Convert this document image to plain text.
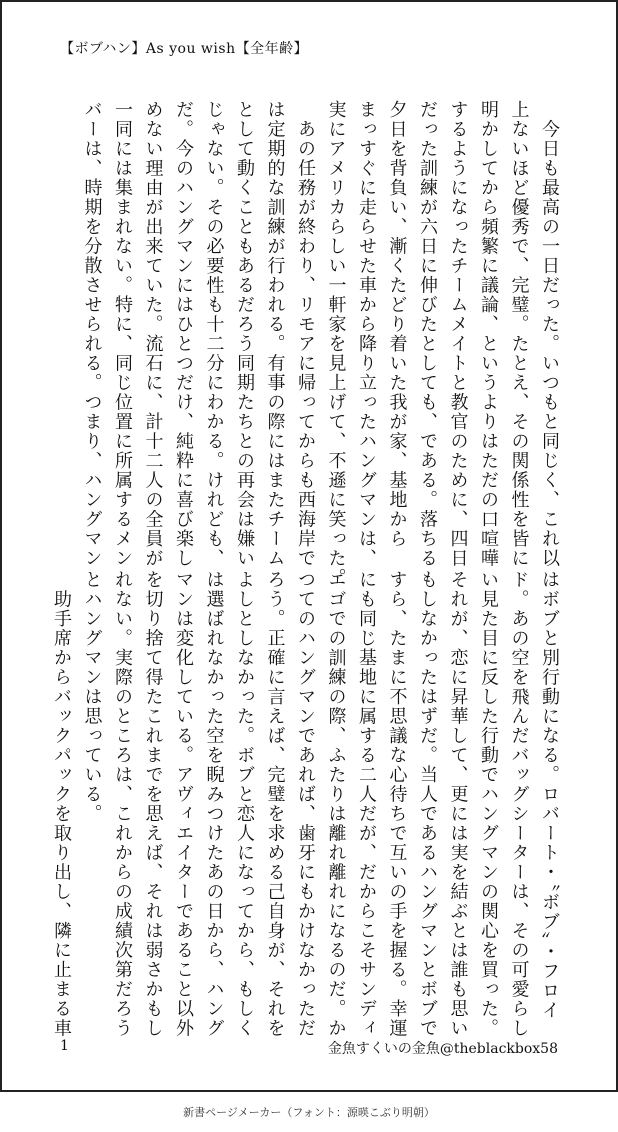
【ボブハン】As you wish【全年齢】
　今日も最高の一日だった。いつもと同じく、これ以
上ないほど優秀で、完璧。たとえ、その関係性を皆に
明かしてから頻繁に議論、というよりはただの口喧嘩
するようになったチームメイトと教官のために、四日
だった訓練が六日に伸びたとしても、である。落ちる
夕日を背負い、漸くたどり着いた我が家、基地から
まっすぐに走らせた車から降り立ったハングマンは、
実にアメリカらしい一軒家を見上げて、不遜に笑った。
　あの任務が終わり、リモアに帰ってからも西海岸で
は定期的な訓練が行われる。有事の際にはまたチーム
として動くこともあるだろう同期たちとの再会は嫌い
じゃない。その必要性も十二分にわかる。けれども、
だ。今のハングマンにはひとつだけ、純粋に喜び楽し
めない理由が出来ていた。流石に、計十二人の全員が
一同には集まれない。特に、同じ位置に所属するメン
バーは、時期を分散させられる。つまり、ハングマン
はボブと別行動になる。ロバート・〝ボブ〟・フロイ
ド。あの空を飛んだバッグシーターは、その可愛らし
い見た目に反した行動でハングマンの関心を買った。
それが、恋に昇華して、更には実を結ぶとは誰も思い
もしなかったはずだ。当人であるハングマンとボブで
すら、たまに不思議な心待ちで互いの手を握る。幸運
にも同じ基地に属する二人だが、だからこそサンディ
エゴでの訓練の際、ふたりは離れ離れになるのだ。か
つてのハングマンであれば、歯牙にもかけなかっただ
ろう。正確に言えば、完璧を求める己自身が、それを
よしとしなかった。ボブと恋人になってから、もしく
は選ばれなかった空を睨みつけたあの日から、ハング
マンは変化している。アヴィエイターであること以外
を切り捨て得たこれまでを思えば、それは弱さかもし
れない。実際のところは、これからの成績次第だろう
とハングマンは思っている。
　助手席からバックパックを取り出し、隣に止まる車
1	金魚すくいの金魚@theblackbox58
新書ページメーカー（フォント：源暎こぶり明朝）
